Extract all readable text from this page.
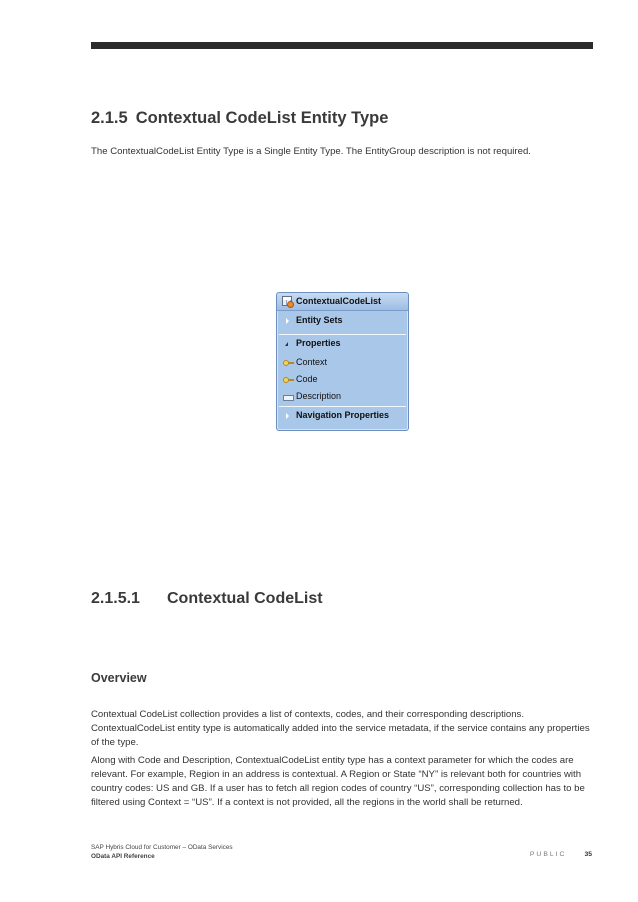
2.1.5 Contextual CodeList Entity Type
The ContextualCodeList Entity Type is a Single Entity Type. The EntityGroup description is not required.
ContextualCodeList
Entity Sets
Properties
Context
Code
Description
Navigation Properties
2.1.5.1 Contextual CodeList
Overview
Contextual CodeList collection provides a list of contexts, codes, and their corresponding descriptions. ContextualCodeList entity type is automatically added into the service metadata, if the service contains any properties of the type.
Along with Code and Description, ContextualCodeList entity type has a context parameter for which the codes are relevant. For example, Region in an address is contextual. A Region or State “NY” is relevant both for countries with country codes: US and GB. If a user has to fetch all region codes of country “US”, corresponding collection has to be filtered using Context = “US”. If a context is not provided, all the regions in the world shall be returned.
SAP Hybris Cloud for Customer – OData Services
OData API Reference	PUBLIC	35
